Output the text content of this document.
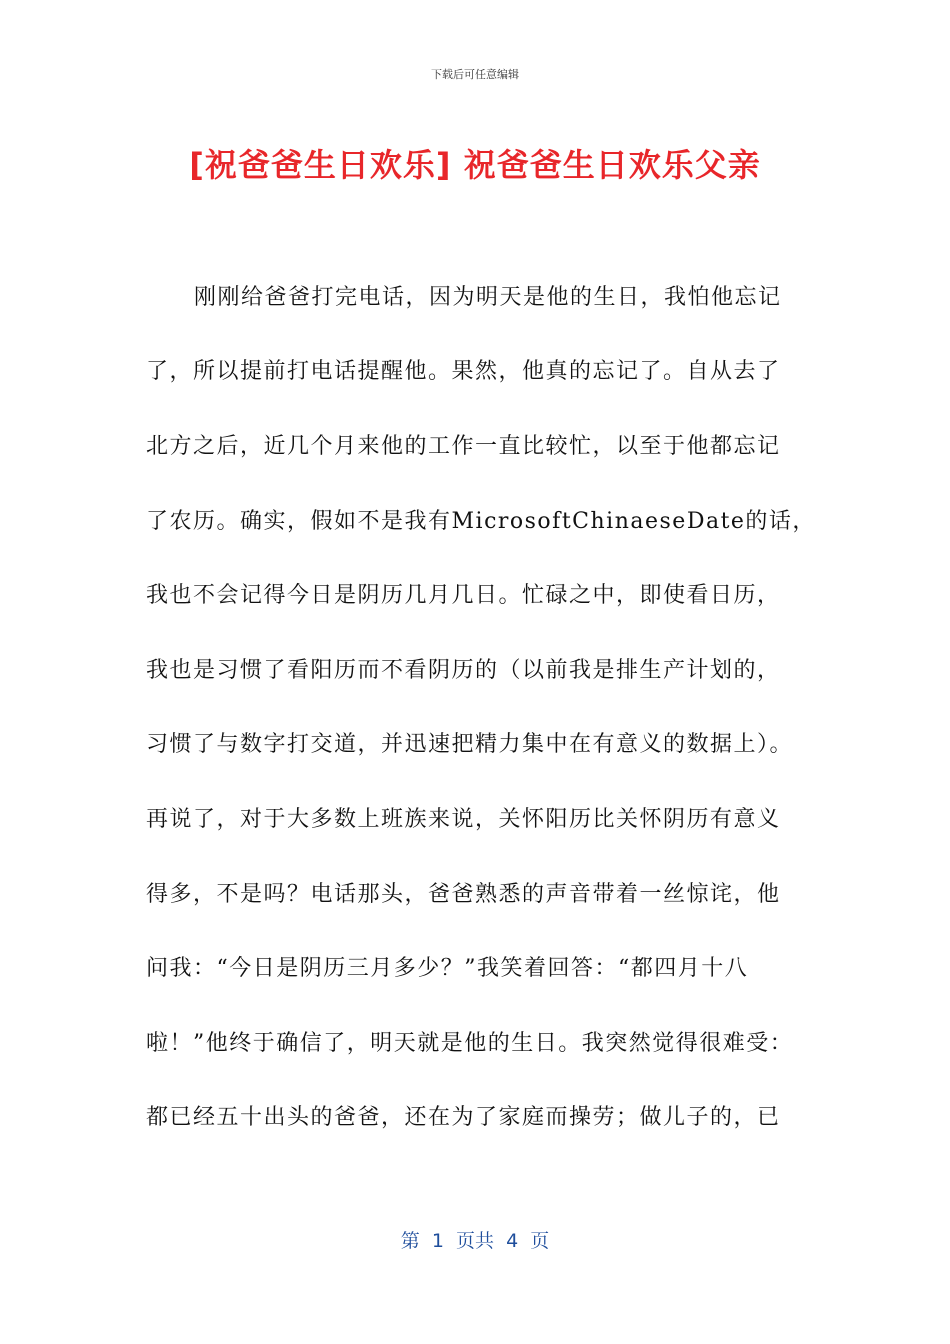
下载后可任意编辑
[祝爸爸生日欢乐] 祝爸爸生日欢乐父亲
刚刚给爸爸打完电话，因为明天是他的生日，我怕他忘记
了，所以提前打电话提醒他。果然，他真的忘记了。自从去了
北方之后，近几个月来他的工作一直比较忙，以至于他都忘记
了农历。确实，假如不是我有MicrosoftChinaeseDate的话，
我也不会记得今日是阴历几月几日。忙碌之中，即使看日历，
我也是习惯了看阳历而不看阴历的（以前我是排生产计划的，
习惯了与数字打交道，并迅速把精力集中在有意义的数据上）。
再说了，对于大多数上班族来说，关怀阳历比关怀阴历有意义
得多，不是吗？电话那头，爸爸熟悉的声音带着一丝惊诧，他
问我：“今日是阴历三月多少？”我笑着回答：“都四月十八
啦！”他终于确信了，明天就是他的生日。我突然觉得很难受：
都已经五十出头的爸爸，还在为了家庭而操劳；做儿子的，已
第  1  页共  4  页
